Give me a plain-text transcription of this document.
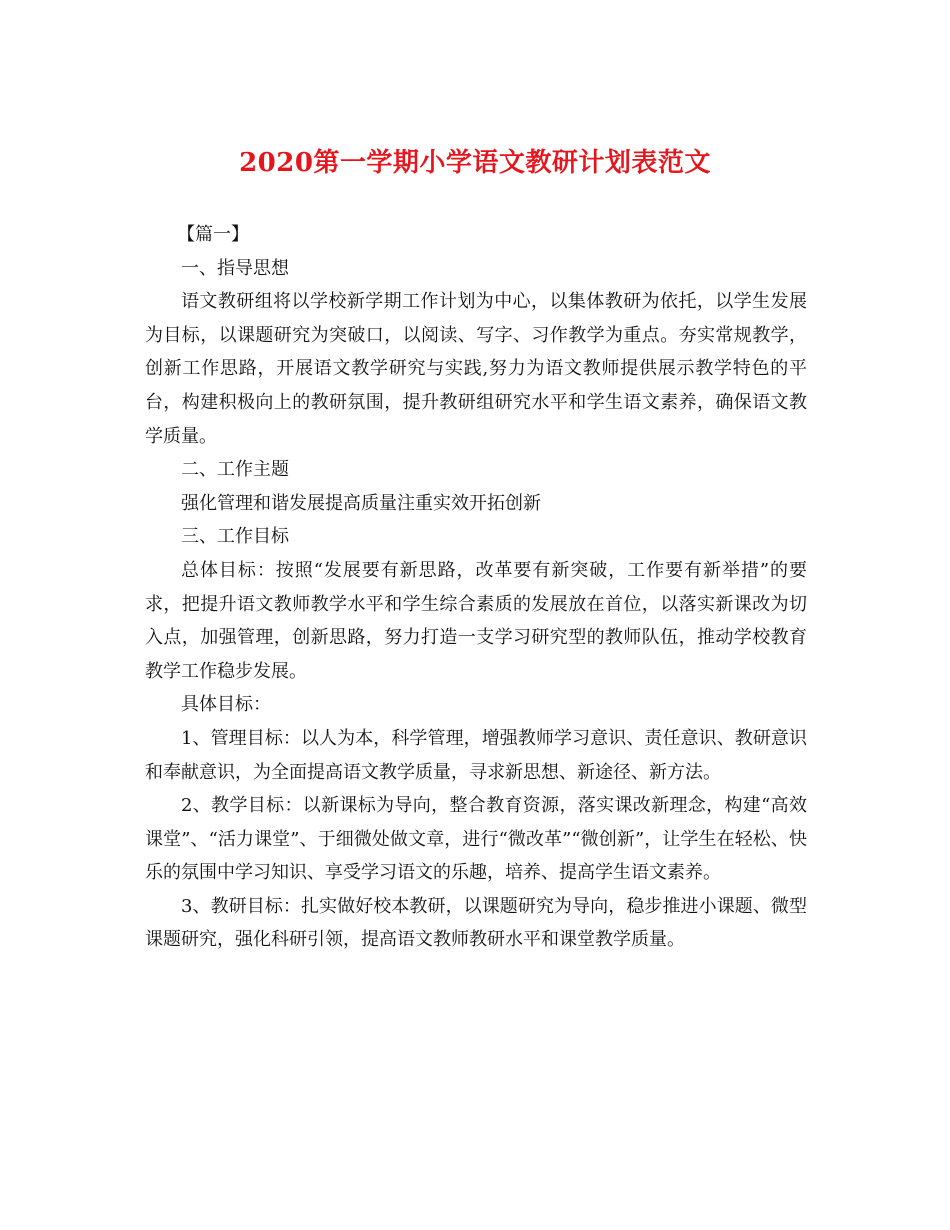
2020第一学期小学语文教研计划表范文

【篇一】

一、指导思想

语文教研组将以学校新学期工作计划为中心，以集体教研为依托，以学生发展为目标，以课题研究为突破口，以阅读、写字、习作教学为重点。夯实常规教学，创新工作思路，开展语文教学研究与实践,努力为语文教师提供展示教学特色的平台，构建积极向上的教研氛围，提升教研组研究水平和学生语文素养，确保语文教学质量。

二、工作主题

强化管理和谐发展提高质量注重实效开拓创新

三、工作目标

总体目标：按照“发展要有新思路，改革要有新突破，工作要有新举措”的要求，把提升语文教师教学水平和学生综合素质的发展放在首位，以落实新课改为切入点，加强管理，创新思路，努力打造一支学习研究型的教师队伍，推动学校教育教学工作稳步发展。

具体目标：

1、管理目标：以人为本，科学管理，增强教师学习意识、责任意识、教研意识和奉献意识，为全面提高语文教学质量，寻求新思想、新途径、新方法。

2、教学目标：以新课标为导向，整合教育资源，落实课改新理念，构建“高效课堂”、“活力课堂”、于细微处做文章，进行“微改革”“微创新”，让学生在轻松、快乐的氛围中学习知识、享受学习语文的乐趣，培养、提高学生语文素养。

3、教研目标：扎实做好校本教研，以课题研究为导向，稳步推进小课题、微型课题研究，强化科研引领，提高语文教师教研水平和课堂教学质量。
